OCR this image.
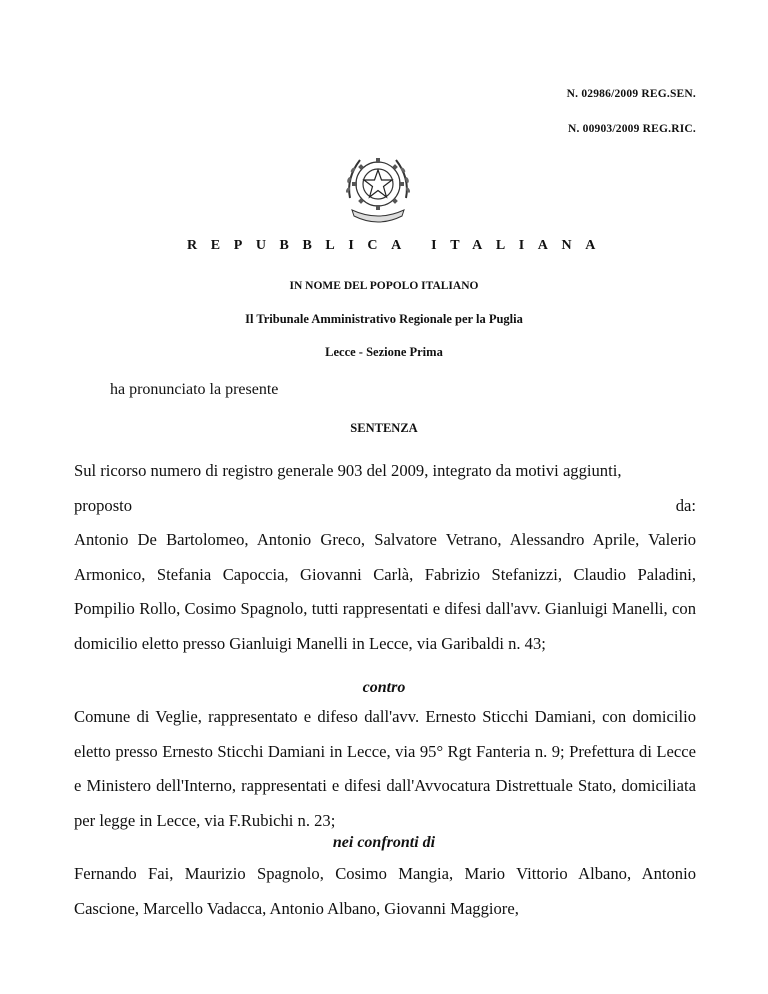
N. 02986/2009 REG.SEN.
N. 00903/2009 REG.RIC.
REPUBBLICA ITALIANA
IN NOME DEL POPOLO ITALIANO
Il Tribunale Amministrativo Regionale per la Puglia
Lecce - Sezione Prima
ha pronunciato la presente
SENTENZA

Sul ricorso numero di registro generale 903 del 2009, integrato da motivi aggiunti,

proposto	da:

Antonio De Bartolomeo, Antonio Greco, Salvatore Vetrano, Alessandro Aprile, Valerio Armonico, Stefania Capoccia, Giovanni Carlà, Fabrizio Stefanizzi, Claudio Paladini, Pompilio Rollo, Cosimo Spagnolo, tutti rappresentati e difesi dall'avv. Gianluigi Manelli, con domicilio eletto presso Gianluigi Manelli in Lecce, via Garibaldi n. 43;

contro
Comune di Veglie, rappresentato e difeso dall'avv. Ernesto Sticchi Damiani, con domicilio eletto presso Ernesto Sticchi Damiani in Lecce, via 95° Rgt Fanteria n. 9; Prefettura di Lecce e Ministero dell'Interno, rappresentati e difesi dall'Avvocatura Distrettuale Stato, domiciliata per legge in Lecce, via F.Rubichi n. 23;
nei confronti di
Fernando Fai, Maurizio Spagnolo, Cosimo Mangia, Mario Vittorio Albano, Antonio Cascione, Marcello Vadacca, Antonio Albano, Giovanni Maggiore,
